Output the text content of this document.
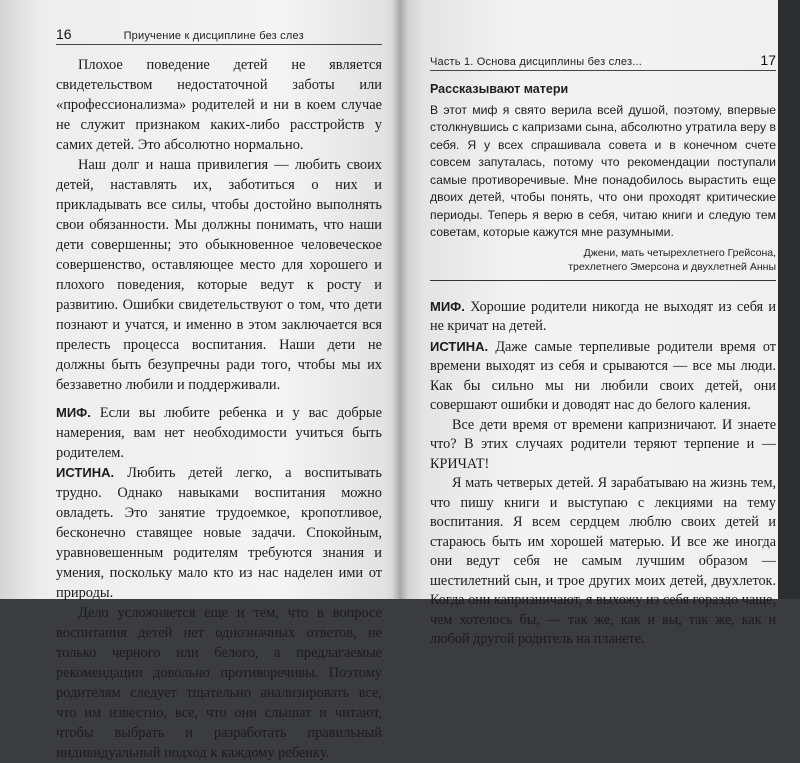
16	Приучение к дисциплине без слез

Плохое поведение детей не является свидетельством недостаточной заботы или «профессионализма» родителей и ни в коем случае не служит признаком каких-либо расстройств у самих детей. Это абсолютно нормально.

Наш долг и наша привилегия — любить своих детей, наставлять их, заботиться о них и прикладывать все силы, чтобы достойно выполнять свои обязанности. Мы должны понимать, что наши дети совершенны; это обыкновенное человеческое совершенство, оставляющее место для хорошего и плохого поведения, которые ведут к росту и развитию. Ошибки свидетельствуют о том, что дети познают и учатся, и именно в этом заключается вся прелесть процесса воспитания. Наши дети не должны быть безупречны ради того, чтобы мы их беззаветно любили и поддерживали.

МИФ. Если вы любите ребенка и у вас добрые намерения, вам нет необходимости учиться быть родителем.

ИСТИНА. Любить детей легко, а воспитывать трудно. Однако навыками воспитания можно овладеть. Это занятие трудоемкое, кропотливое, бесконечно ставящее новые задачи. Спокойным, уравновешенным родителям требуются знания и умения, поскольку мало кто из нас наделен ими от природы.

Дело усложняется еще и тем, что в вопросе воспитания детей нет однозначных ответов, не только черного или белого, а предлагаемые рекомендации довольно противоречивы. Поэтому родителям следует тщательно анализировать все, что им известно, все, что они слышат и читают, чтобы выбрать и разработать правильный индивидуальный подход к каждому ребенку.

Часть 1. Основа дисциплины без слез...	17
Рассказывают матери

В этот миф я свято верила всей душой, поэтому, впервые столкнувшись с капризами сына, абсолютно утратила веру в себя. Я у всех спрашивала совета и в конечном счете совсем запуталась, потому что рекомендации поступали самые противоречивые. Мне понадобилось вырастить еще двоих детей, чтобы понять, что они проходят критические периоды. Теперь я верю в себя, читаю книги и следую тем советам, которые кажутся мне разумными.

Джени, мать четырехлетнего Грейсона,
трехлетнего Эмерсона и двухлетней Анны

МИФ. Хорошие родители никогда не выходят из себя и не кричат на детей.

ИСТИНА. Даже самые терпеливые родители время от времени выходят из себя и срываются — все мы люди. Как бы сильно мы ни любили своих детей, они совершают ошибки и доводят нас до белого каления.

Все дети время от времени капризничают. И знаете что? В этих случаях родители теряют терпение и — КРИЧАТ!

Я мать четверых детей. Я зарабатываю на жизнь тем, что пишу книги и выступаю с лекциями на тему воспитания. Я всем сердцем люблю своих детей и стараюсь быть им хорошей матерью. И все же иногда они ведут себя не самым лучшим образом — шестилетний сын, и трое других моих детей, двухлеток. Когда они капризничают, я выхожу из себя гораздо чаще, чем хотелось бы, — так же, как и вы, так же, как и любой другой родитель на планете.
